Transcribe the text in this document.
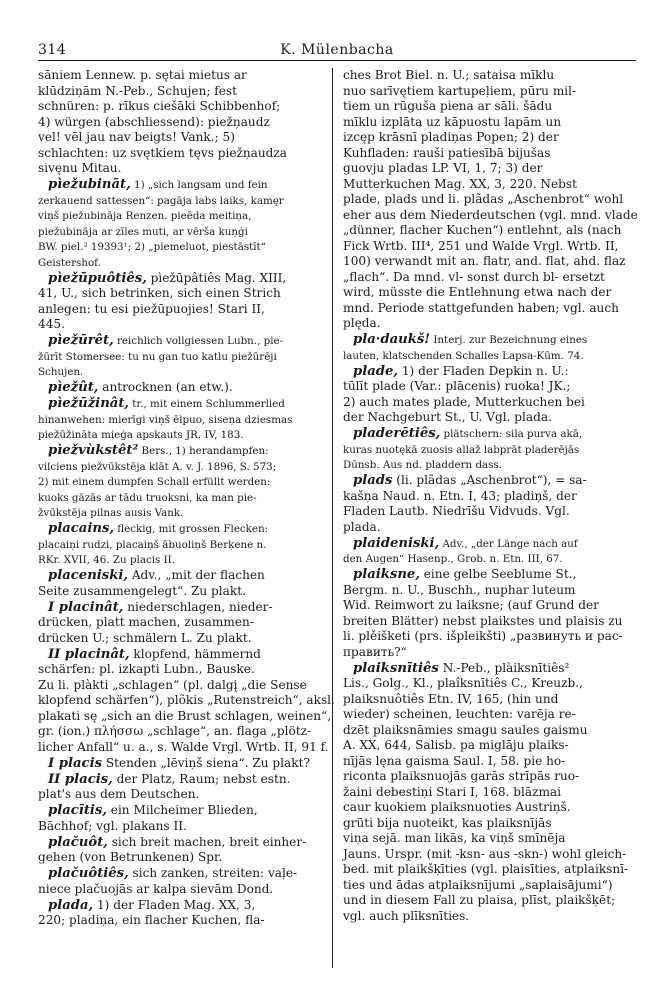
314	K. Mülenbacha
sāniem Lennew. p. sętai mietus ar
klūdziņām N.-Peb., Schujen; fest
schnüren: p. rīkus ciešāki Schibbenhof;
4) würgen (abschliessend): piežņaudz
vel! vēl jau nav beigts! Vank.; 5)
schlachten: uz svętkiem tęvs piežņaudza
sivęnu Mitau.
pìežubināt, 1) „sich langsam und fein
zerkauend sattessen“: pagāja labs laiks, kamęr
viņš piežubināja Renzen. pieēda meitiņa,
piežubināja ar zīles muti, ar vērša kuņģi
BW. piel.² 19393¹; 2) „piemeluot, piestāstīt“
Geistershof.
pìežūpuôtiês, pìežūpâtiês Mag. XIII,
41, U., sich betrinken, sich einen Strich
anlegen: tu esi piežūpuojies! Stari II,
445.
pìežūrêt, reichlich vollgiessen Lubn., pie-
žūrīt Stomersee: tu nu gan tuo katlu piežūrēji
Schujen.
pìežût, antrocknen (an etw.).
pìežūžinât, tr., mit einem Schlummerlied
hinanwehen: mierīgi viņš ēlpuo, siseņa dziesmas
piežūžināta mieģa apskauts JR. IV, 183.
pìežvùkstêt² Bers., 1) herandampfen:
vilciens piežvūkstēja klāt A. v. J. 1896, S. 573;
2) mit einem dumpfen Schall erfüllt werden:
kuoks gāzās ar tādu truoksni, ka man pie-
žvūkstēja pilnas ausis Vank.
placains, fleckig, mit grossen Flecken:
placaiņi rudzi, placaiņš ābuoliņš Berķene n.
RKr. XVII, 46. Zu placis II.
placeniski, Adv., „mit der flachen
Seite zusammengelegt“. Zu plakt.
I placinât, niederschlagen, nieder-
drücken, platt machen, zusammen-
drücken U.; schmälern L. Zu plakt.
II placinât, klopfend, hämmernd
schärfen: pl. izkapti Lubn., Bauske.
Zu li. plàkti „schlagen“ (pl. dalgį „die Sense
klopfend schärfen“), plõkis „Rutenstreich“, aksl.
plakati sę „sich an die Brust schlagen, weinen“,
gr. (ion.) πλήσσω „schlage“, an. flaga „plötz-
licher Anfall“ u. a., s. Walde Vrgl. Wrtb. II, 91 f.
I placis Stenden „lēviņš siena“. Zu plakt?
II placis, der Platz, Raum; nebst estn.
plat's aus dem Deutschen.
placītis, ein Milcheimer Blieden,
Bāchhof; vgl. plakans II.
plačuôt, sich breit machen, breit einher-
gehen (von Betrunkenen) Spr.
plačuôtiês, sich zanken, streiten: vaļe-
niece plačuojās ar kalpa sievām Dond.
plada, 1) der Fladen Mag. XX, 3,
220; pladiņa, ein flacher Kuchen, fla-
ches Brot Biel. n. U.; sataisa mīklu
nuo sarīvętiem kartupeļiem, pūru mil-
tiem un rūguša piena ar sāli. šādu
mīklu izplāta uz kāpuostu lapām un
izcęp krāsnī pladiņas Popen; 2) der
Kuhfladen: rauši patiesībā bijušas
guovju pladas LP. VI, 1, 7; 3) der
Mutterkuchen Mag. XX, 3, 220. Nebst
plade, plads und li. plãdas „Aschenbrot“ wohl
eher aus dem Niederdeutschen (vgl. mnd. vlade
„dünner, flacher Kuchen“) entlehnt, als (nach
Fick Wrtb. III⁴, 251 und Walde Vrgl. Wrtb. II,
100) verwandt mit an. flatr, and. flat, ahd. flaz
„flach“. Da mnd. vl- sonst durch bl- ersetzt
wird, müsste die Entlehnung etwa nach der
mnd. Periode stattgefunden haben; vgl. auch
plęda.
pla·daukš! Interj. zur Bezeichnung eines
lauten, klatschenden Schalles Lapsa-Kūm. 74.
plade, 1) der Fladen Depkin n. U.:
tūlīt plade (Var.: plācenis) ruoka! JK.;
2) auch mates plade, Mutterkuchen bei
der Nachgeburt St., U. Vgl. plada.
pladerētiês, plätschern: sila purva akā,
kuras nuotękā zuosis allaž labprāt pladerējās
Dūnsb. Aus nd. pladdern dass.
plads (li. plãdas „Aschenbrot“), = sa-
kašņa Naud. n. Etn. I, 43; pladiņš, der
Fladen Lautb. Niedrīšu Vidvuds. Vgl.
plada.
plaideniski, Adv., „der Länge nach auf
den Augen“ Hasenp., Grob. n. Etn. III, 67.
plaiksne, eine gelbe Seeblume St.,
Bergm. n. U., Buschh., nuphar luteum
Wid. Reimwort zu laiksne; (auf Grund der
breiten Blätter) nebst plaikstes und plaisis zu
li. plěišketi (prs. išpleikšti) „развинуть и рас-
править?“
plaiksnītiês N.-Peb., plàiksnītiês²
Lis., Golg., Kl., plaîksnītiês C., Kreuzb.,
plaiksnuôtiês Etn. IV, 165, (hin und
wieder) scheinen, leuchten: varēja re-
dzēt plaiksnāmies smagu saules gaismu
A. XX, 644, Salisb. pa miglāju plaiks-
nījās lęna gaisma Saul. I, 58. pie ho-
riconta plaiksnuojās garās strīpās ruo-
žaini debestiņi Stari I, 168. blāzmai
caur kuokiem plaiksnuoties Austriņš.
grūti bija nuoteikt, kas plaiksnījās
viņa sejā. man likās, ka viņš smīnēja
Jauns. Urspr. (mit -ksn- aus -skn-) wohl gleich-
bed. mit plaikšķīties (vgl. plaisīties, atplaiksnī-
ties und ādas atplaiksnījumi „saplaisājumi“)
und in diesem Fall zu plaisa, plīst, plaikšķēt;
vgl. auch plīksnīties.
